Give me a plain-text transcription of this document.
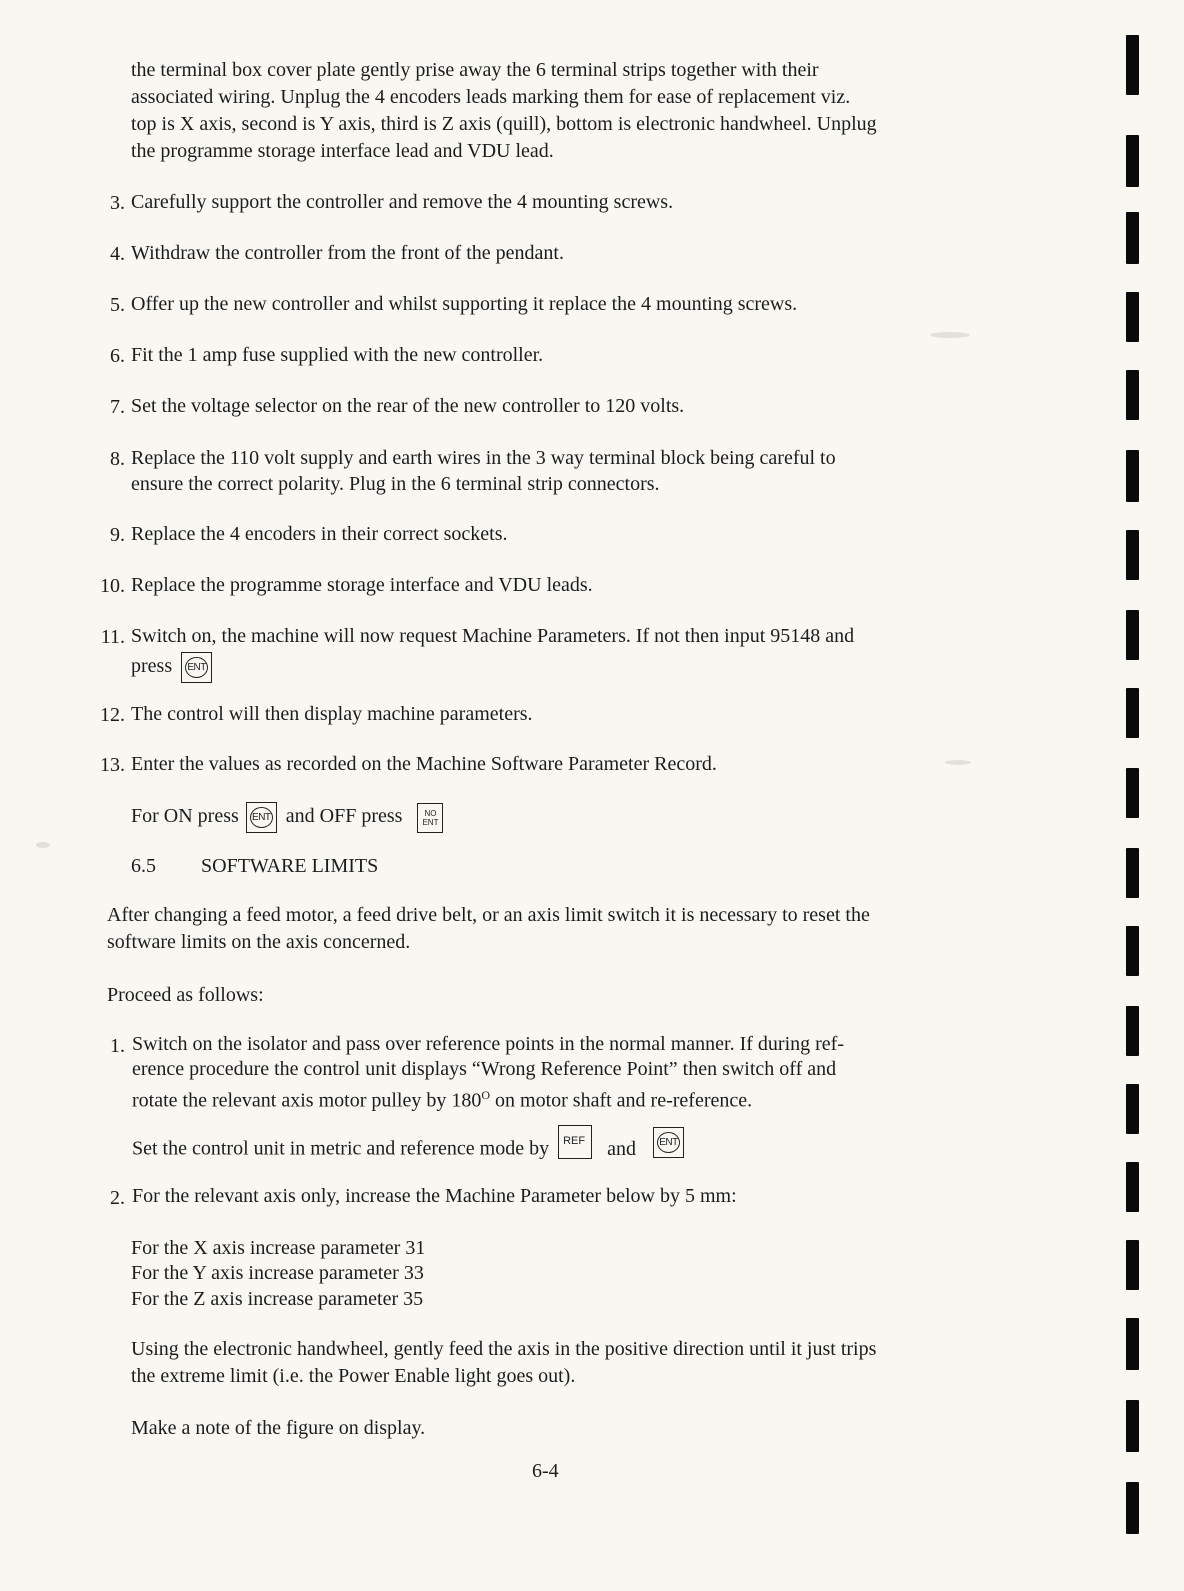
the terminal box cover plate gently prise away the 6 terminal strips together with their
associated wiring. Unplug the 4 encoders leads marking them for ease of replacement viz.
top is X axis, second is Y axis, third is Z axis (quill), bottom is electronic handwheel. Unplug
the programme storage interface lead and VDU lead.
3. Carefully support the controller and remove the 4 mounting screws.
4. Withdraw the controller from the front of the pendant.
5. Offer up the new controller and whilst supporting it replace the 4 mounting screws.
6. Fit the 1 amp fuse supplied with the new controller.
7. Set the voltage selector on the rear of the new controller to 120 volts.
8. Replace the 110 volt supply and earth wires in the 3 way terminal block being careful to
ensure the correct polarity. Plug in the 6 terminal strip connectors.
9. Replace the 4 encoders in their correct sockets.
10. Replace the programme storage interface and VDU leads.
11. Switch on, the machine will now request Machine Parameters. If not then input 95148 and
press ENT
12. The control will then display machine parameters.
13. Enter the values as recorded on the Machine Software Parameter Record.
For ON press ENT and OFF press	NO
ENT
6.5 SOFTWARE LIMITS
After changing a feed motor, a feed drive belt, or an axis limit switch it is necessary to reset the
software limits on the axis concerned.
Proceed as follows:
1. Switch on the isolator and pass over reference points in the normal manner. If during ref-
erence procedure the control unit displays “Wrong Reference Point” then switch off and
rotate the relevant axis motor pulley by $180^O$ on motor shaft and re-reference.
Set the control unit in metric and reference mode by REF and ENT
2. For the relevant axis only, increase the Machine Parameter below by 5 mm:
For the X axis increase parameter 31
For the Y axis increase parameter 33
For the Z axis increase parameter 35
Using the electronic handwheel, gently feed the axis in the positive direction until it just trips
the extreme limit (i.e. the Power Enable light goes out).
Make a note of the figure on display.
6-4
